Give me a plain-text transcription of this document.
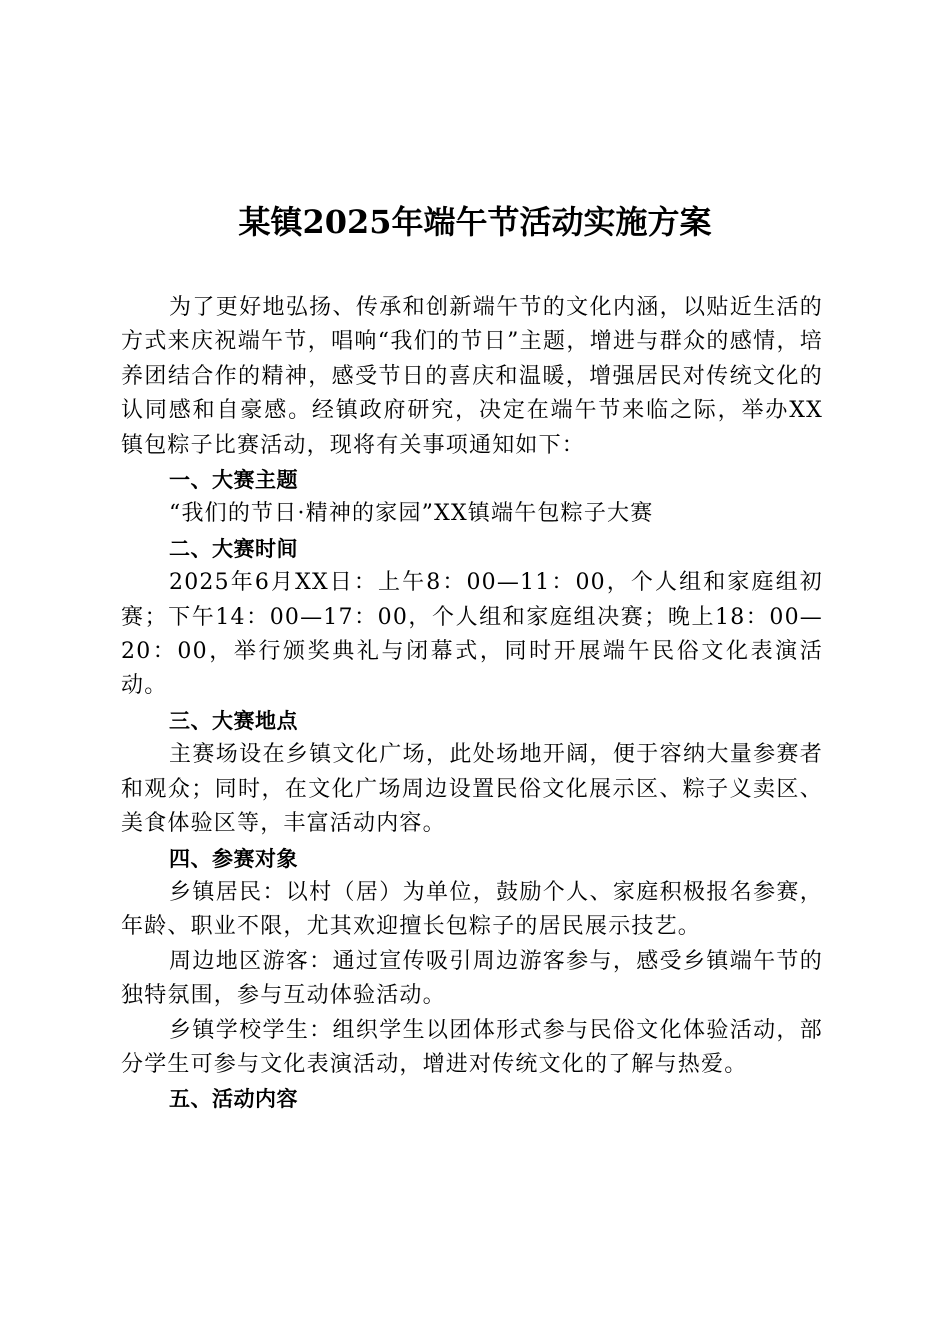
某镇2025年端午节活动实施方案

为了更好地弘扬、传承和创新端午节的文化内涵，以贴近生活的方式来庆祝端午节，唱响“我们的节日”主题，增进与群众的感情，培养团结合作的精神，感受节日的喜庆和温暖，增强居民对传统文化的认同感和自豪感。经镇政府研究，决定在端午节来临之际，举办XX镇包粽子比赛活动，现将有关事项通知如下：

一、大赛主题

“我们的节日·精神的家园”XX镇端午包粽子大赛

二、大赛时间

2025年6月XX日：上午8：00—11：00，个人组和家庭组初赛；下午14：00—17：00，个人组和家庭组决赛；晚上18：00—20：00，举行颁奖典礼与闭幕式，同时开展端午民俗文化表演活动。

三、大赛地点

主赛场设在乡镇文化广场，此处场地开阔，便于容纳大量参赛者和观众；同时，在文化广场周边设置民俗文化展示区、粽子义卖区、美食体验区等，丰富活动内容。

四、参赛对象

乡镇居民：以村（居）为单位，鼓励个人、家庭积极报名参赛，年龄、职业不限，尤其欢迎擅长包粽子的居民展示技艺。

周边地区游客：通过宣传吸引周边游客参与，感受乡镇端午节的独特氛围，参与互动体验活动。

乡镇学校学生：组织学生以团体形式参与民俗文化体验活动，部分学生可参与文化表演活动，增进对传统文化的了解与热爱。

五、活动内容
